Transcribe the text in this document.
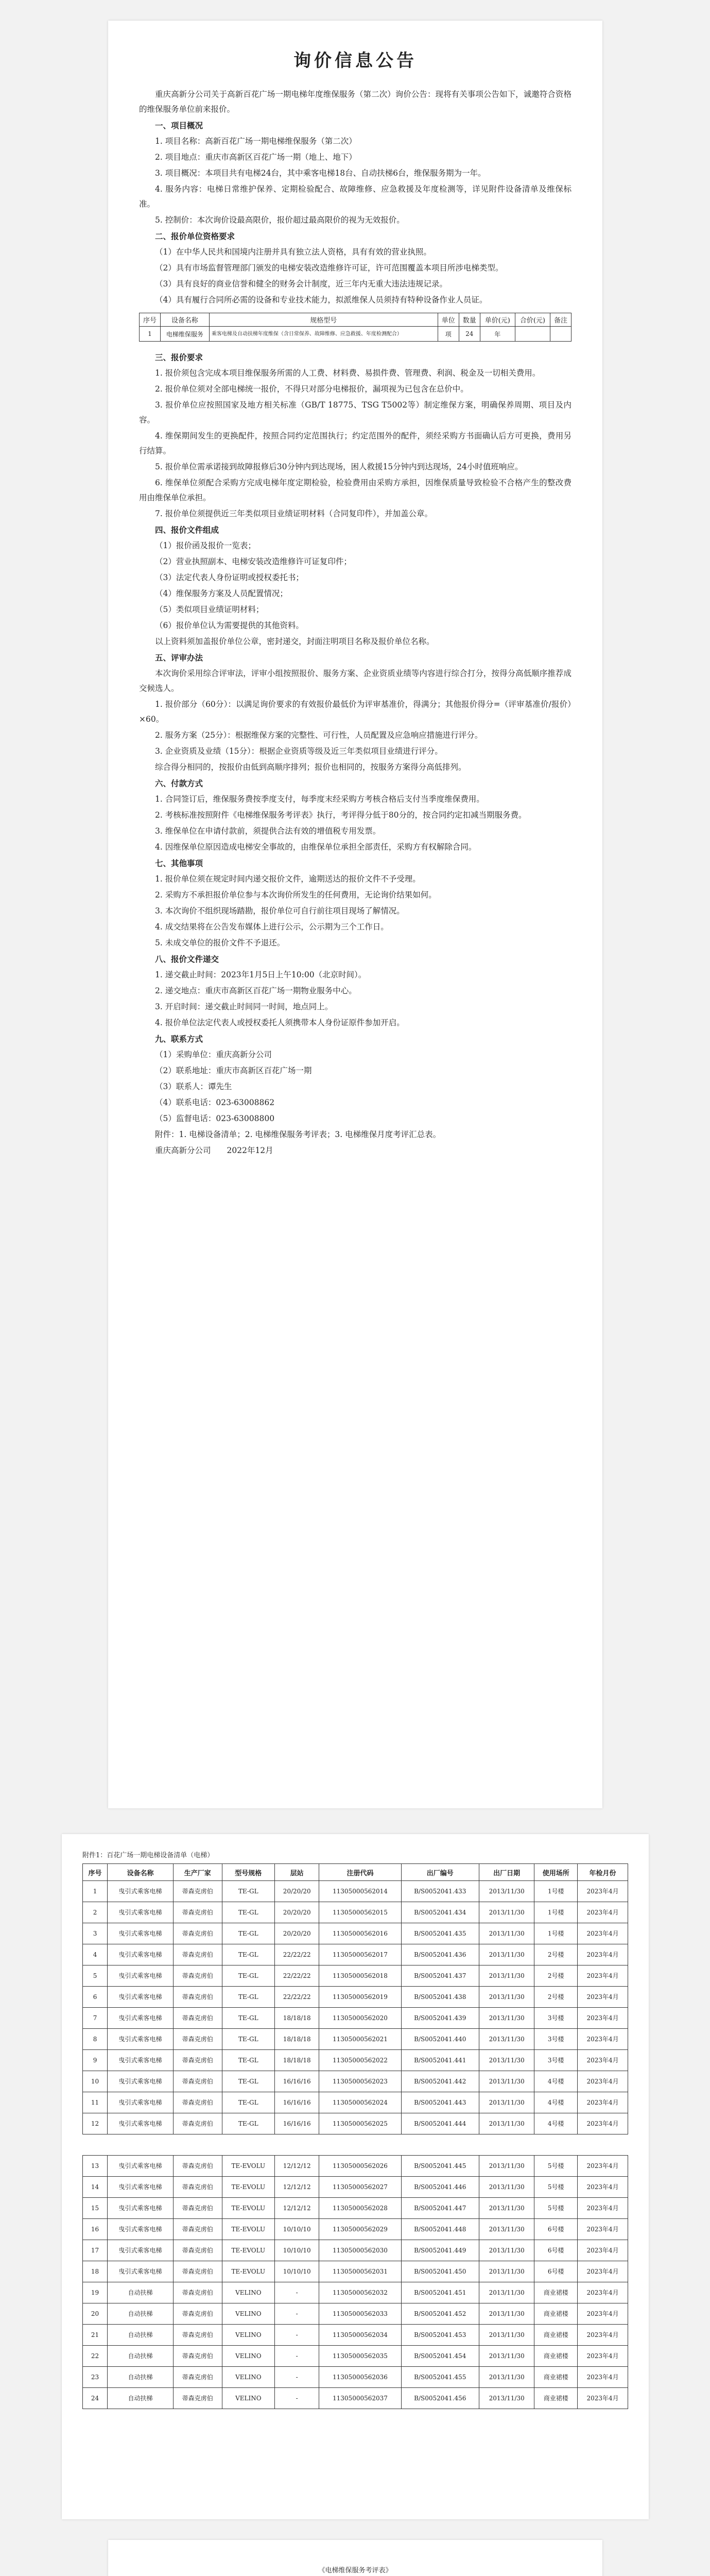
询价信息公告

重庆高新分公司关于高新百花广场一期电梯年度维保服务（第二次）询价公告：现将有关事项公告如下，诚邀符合资格的维保服务单位前来报价。

一、项目概况

1. 项目名称：高新百花广场一期电梯维保服务（第二次）

2. 项目地点：重庆市高新区百花广场一期（地上、地下）

3. 项目概况：本项目共有电梯24台，其中乘客电梯18台、自动扶梯6台，维保服务期为一年。

4. 服务内容：电梯日常维护保养、定期检验配合、故障维修、应急救援及年度检测等，详见附件设备清单及维保标准。

5. 控制价：本次询价设最高限价，报价超过最高限价的视为无效报价。

二、报价单位资格要求

（1）在中华人民共和国境内注册并具有独立法人资格，具有有效的营业执照。

（2）具有市场监督管理部门颁发的电梯安装改造维修许可证，许可范围覆盖本项目所涉电梯类型。

（3）具有良好的商业信誉和健全的财务会计制度，近三年内无重大违法违规记录。

（4）具有履行合同所必需的设备和专业技术能力，拟派维保人员须持有特种设备作业人员证。

序号	设备名称	规格型号	单位	数量	单价(元)	合价(元)	备注
1	电梯维保服务	乘客电梯及自动扶梯年度维保（含日常保养、故障维修、应急救援、年度检测配合）	项	24	年		

三、报价要求

1. 报价须包含完成本项目维保服务所需的人工费、材料费、易损件费、管理费、利润、税金及一切相关费用。

2. 报价单位须对全部电梯统一报价，不得只对部分电梯报价，漏项视为已包含在总价中。

3. 报价单位应按照国家及地方相关标准（GB/T 18775、TSG T5002等）制定维保方案，明确保养周期、项目及内容。

4. 维保期间发生的更换配件，按照合同约定范围执行；约定范围外的配件，须经采购方书面确认后方可更换，费用另行结算。

5. 报价单位需承诺接到故障报修后30分钟内到达现场，困人救援15分钟内到达现场，24小时值班响应。

6. 维保单位须配合采购方完成电梯年度定期检验，检验费用由采购方承担，因维保质量导致检验不合格产生的整改费用由维保单位承担。

7. 报价单位须提供近三年类似项目业绩证明材料（合同复印件），并加盖公章。

四、报价文件组成

（1）报价函及报价一览表；

（2）营业执照副本、电梯安装改造维修许可证复印件；

（3）法定代表人身份证明或授权委托书；

（4）维保服务方案及人员配置情况；

（5）类似项目业绩证明材料；

（6）报价单位认为需要提供的其他资料。

以上资料须加盖报价单位公章，密封递交，封面注明项目名称及报价单位名称。

五、评审办法

本次询价采用综合评审法，评审小组按照报价、服务方案、企业资质业绩等内容进行综合打分，按得分高低顺序推荐成交候选人。

1. 报价部分（60分）：以满足询价要求的有效报价最低价为评审基准价，得满分；其他报价得分=（评审基准价/报价）×60。

2. 服务方案（25分）：根据维保方案的完整性、可行性，人员配置及应急响应措施进行评分。

3. 企业资质及业绩（15分）：根据企业资质等级及近三年类似项目业绩进行评分。

综合得分相同的，按报价由低到高顺序排列；报价也相同的，按服务方案得分高低排列。

六、付款方式

1. 合同签订后，维保服务费按季度支付，每季度末经采购方考核合格后支付当季度维保费用。

2. 考核标准按照附件《电梯维保服务考评表》执行，考评得分低于80分的，按合同约定扣减当期服务费。

3. 维保单位在申请付款前，须提供合法有效的增值税专用发票。

4. 因维保单位原因造成电梯安全事故的，由维保单位承担全部责任，采购方有权解除合同。

七、其他事项

1. 报价单位须在规定时间内递交报价文件，逾期送达的报价文件不予受理。

2. 采购方不承担报价单位参与本次询价所发生的任何费用，无论询价结果如何。

3. 本次询价不组织现场踏勘，报价单位可自行前往项目现场了解情况。

4. 成交结果将在公告发布媒体上进行公示，公示期为三个工作日。

5. 未成交单位的报价文件不予退还。

八、报价文件递交

1. 递交截止时间：2023年1月5日上午10:00（北京时间）。

2. 递交地点：重庆市高新区百花广场一期物业服务中心。

3. 开启时间：递交截止时间同一时间，地点同上。

4. 报价单位法定代表人或授权委托人须携带本人身份证原件参加开启。

九、联系方式

（1）采购单位：重庆高新分公司

（2）联系地址：重庆市高新区百花广场一期

（3）联系人：谭先生

（4）联系电话：023-63008862

（5）监督电话：023-63008800

附件：1. 电梯设备清单；2. 电梯维保服务考评表；3. 电梯维保月度考评汇总表。

重庆高新分公司　　2022年12月

附件1：百花广场一期电梯设备清单（电梯）
序号	设备名称	生产厂家	型号规格	层站	注册代码	出厂编号	出厂日期	使用场所	年检月份
1	曳引式乘客电梯	蒂森克虏伯	TE-GL	20/20/20	11305000562014	B/S0052041.433	2013/11/30	1号楼	2023年4月
2	曳引式乘客电梯	蒂森克虏伯	TE-GL	20/20/20	11305000562015	B/S0052041.434	2013/11/30	1号楼	2023年4月
3	曳引式乘客电梯	蒂森克虏伯	TE-GL	20/20/20	11305000562016	B/S0052041.435	2013/11/30	1号楼	2023年4月
4	曳引式乘客电梯	蒂森克虏伯	TE-GL	22/22/22	11305000562017	B/S0052041.436	2013/11/30	2号楼	2023年4月
5	曳引式乘客电梯	蒂森克虏伯	TE-GL	22/22/22	11305000562018	B/S0052041.437	2013/11/30	2号楼	2023年4月
6	曳引式乘客电梯	蒂森克虏伯	TE-GL	22/22/22	11305000562019	B/S0052041.438	2013/11/30	2号楼	2023年4月
7	曳引式乘客电梯	蒂森克虏伯	TE-GL	18/18/18	11305000562020	B/S0052041.439	2013/11/30	3号楼	2023年4月
8	曳引式乘客电梯	蒂森克虏伯	TE-GL	18/18/18	11305000562021	B/S0052041.440	2013/11/30	3号楼	2023年4月
9	曳引式乘客电梯	蒂森克虏伯	TE-GL	18/18/18	11305000562022	B/S0052041.441	2013/11/30	3号楼	2023年4月
10	曳引式乘客电梯	蒂森克虏伯	TE-GL	16/16/16	11305000562023	B/S0052041.442	2013/11/30	4号楼	2023年4月
11	曳引式乘客电梯	蒂森克虏伯	TE-GL	16/16/16	11305000562024	B/S0052041.443	2013/11/30	4号楼	2023年4月
12	曳引式乘客电梯	蒂森克虏伯	TE-GL	16/16/16	11305000562025	B/S0052041.444	2013/11/30	4号楼	2023年4月

13	曳引式乘客电梯	蒂森克虏伯	TE-EVOLU	12/12/12	11305000562026	B/S0052041.445	2013/11/30	5号楼	2023年4月
14	曳引式乘客电梯	蒂森克虏伯	TE-EVOLU	12/12/12	11305000562027	B/S0052041.446	2013/11/30	5号楼	2023年4月
15	曳引式乘客电梯	蒂森克虏伯	TE-EVOLU	12/12/12	11305000562028	B/S0052041.447	2013/11/30	5号楼	2023年4月
16	曳引式乘客电梯	蒂森克虏伯	TE-EVOLU	10/10/10	11305000562029	B/S0052041.448	2013/11/30	6号楼	2023年4月
17	曳引式乘客电梯	蒂森克虏伯	TE-EVOLU	10/10/10	11305000562030	B/S0052041.449	2013/11/30	6号楼	2023年4月
18	曳引式乘客电梯	蒂森克虏伯	TE-EVOLU	10/10/10	11305000562031	B/S0052041.450	2013/11/30	6号楼	2023年4月
19	自动扶梯	蒂森克虏伯	VELINO	-	11305000562032	B/S0052041.451	2013/11/30	商业裙楼	2023年4月
20	自动扶梯	蒂森克虏伯	VELINO	-	11305000562033	B/S0052041.452	2013/11/30	商业裙楼	2023年4月
21	自动扶梯	蒂森克虏伯	VELINO	-	11305000562034	B/S0052041.453	2013/11/30	商业裙楼	2023年4月
22	自动扶梯	蒂森克虏伯	VELINO	-	11305000562035	B/S0052041.454	2013/11/30	商业裙楼	2023年4月
23	自动扶梯	蒂森克虏伯	VELINO	-	11305000562036	B/S0052041.455	2013/11/30	商业裙楼	2023年4月
24	自动扶梯	蒂森克虏伯	VELINO	-	11305000562037	B/S0052041.456	2013/11/30	商业裙楼	2023年4月
《电梯维保服务考评表》
